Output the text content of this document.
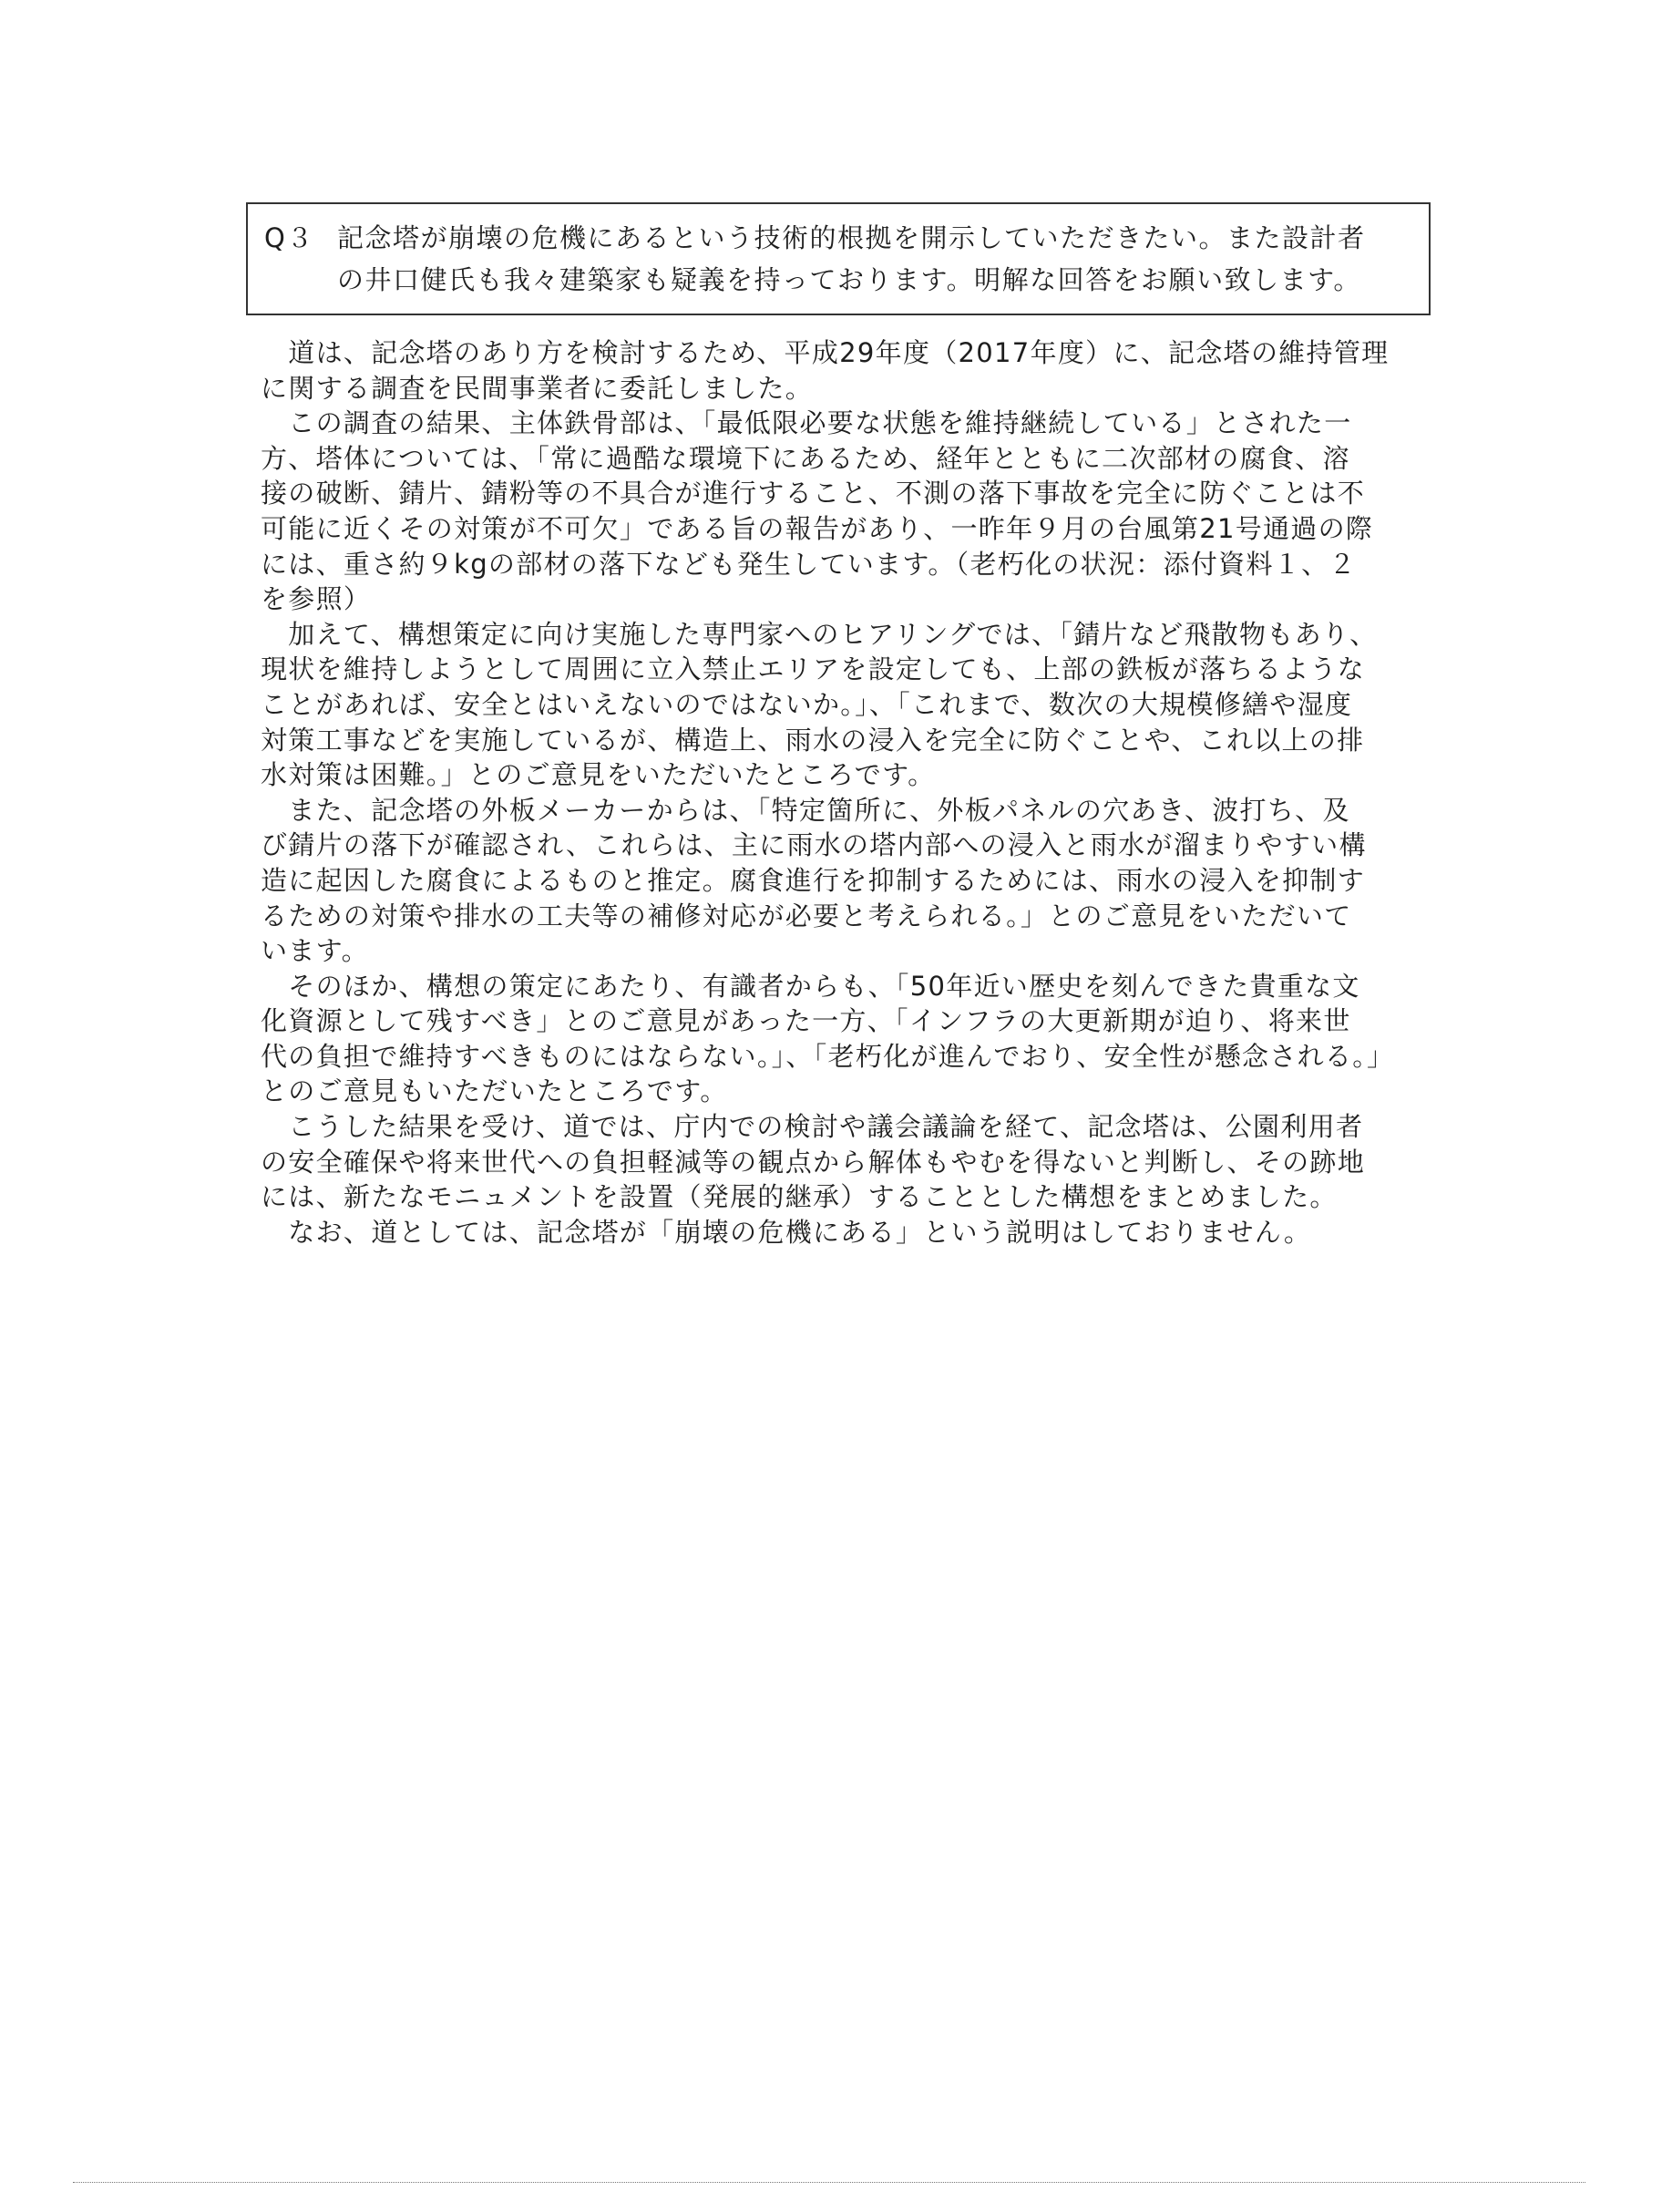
Q３ 記念塔が崩壊の危機にあるという技術的根拠を開示していただきたい。また設計者

の井口健氏も我々建築家も疑義を持っております。明解な回答をお願い致します。

　道は、記念塔のあり方を検討するため、平成29年度（2017年度）に、記念塔の維持管理

に関する調査を民間事業者に委託しました。

　この調査の結果、主体鉄骨部は、「最低限必要な状態を維持継続している」とされた一

方、塔体については、「常に過酷な環境下にあるため、経年とともに二次部材の腐食、溶

接の破断、錆片、錆粉等の不具合が進行すること、不測の落下事故を完全に防ぐことは不

可能に近くその対策が不可欠」である旨の報告があり、一昨年９月の台風第21号通過の際

には、重さ約９kgの部材の落下なども発生しています。（老朽化の状況：添付資料１、２

を参照）

　加えて、構想策定に向け実施した専門家へのヒアリングでは、「錆片など飛散物もあり、

現状を維持しようとして周囲に立入禁止エリアを設定しても、上部の鉄板が落ちるような

ことがあれば、安全とはいえないのではないか。」、「これまで、数次の大規模修繕や湿度

対策工事などを実施しているが、構造上、雨水の浸入を完全に防ぐことや、これ以上の排

水対策は困難。」とのご意見をいただいたところです。

　また、記念塔の外板メーカーからは、「特定箇所に、外板パネルの穴あき、波打ち、及

び錆片の落下が確認され、これらは、主に雨水の塔内部への浸入と雨水が溜まりやすい構

造に起因した腐食によるものと推定。腐食進行を抑制するためには、雨水の浸入を抑制す

るための対策や排水の工夫等の補修対応が必要と考えられる。」とのご意見をいただいて

います。

　そのほか、構想の策定にあたり、有識者からも、「50年近い歴史を刻んできた貴重な文

化資源として残すべき」とのご意見があった一方、「インフラの大更新期が迫り、将来世

代の負担で維持すべきものにはならない。」、「老朽化が進んでおり、安全性が懸念される。」

とのご意見もいただいたところです。

　こうした結果を受け、道では、庁内での検討や議会議論を経て、記念塔は、公園利用者

の安全確保や将来世代への負担軽減等の観点から解体もやむを得ないと判断し、その跡地

には、新たなモニュメントを設置（発展的継承）することとした構想をまとめました。

　なお、道としては、記念塔が「崩壊の危機にある」という説明はしておりません。
